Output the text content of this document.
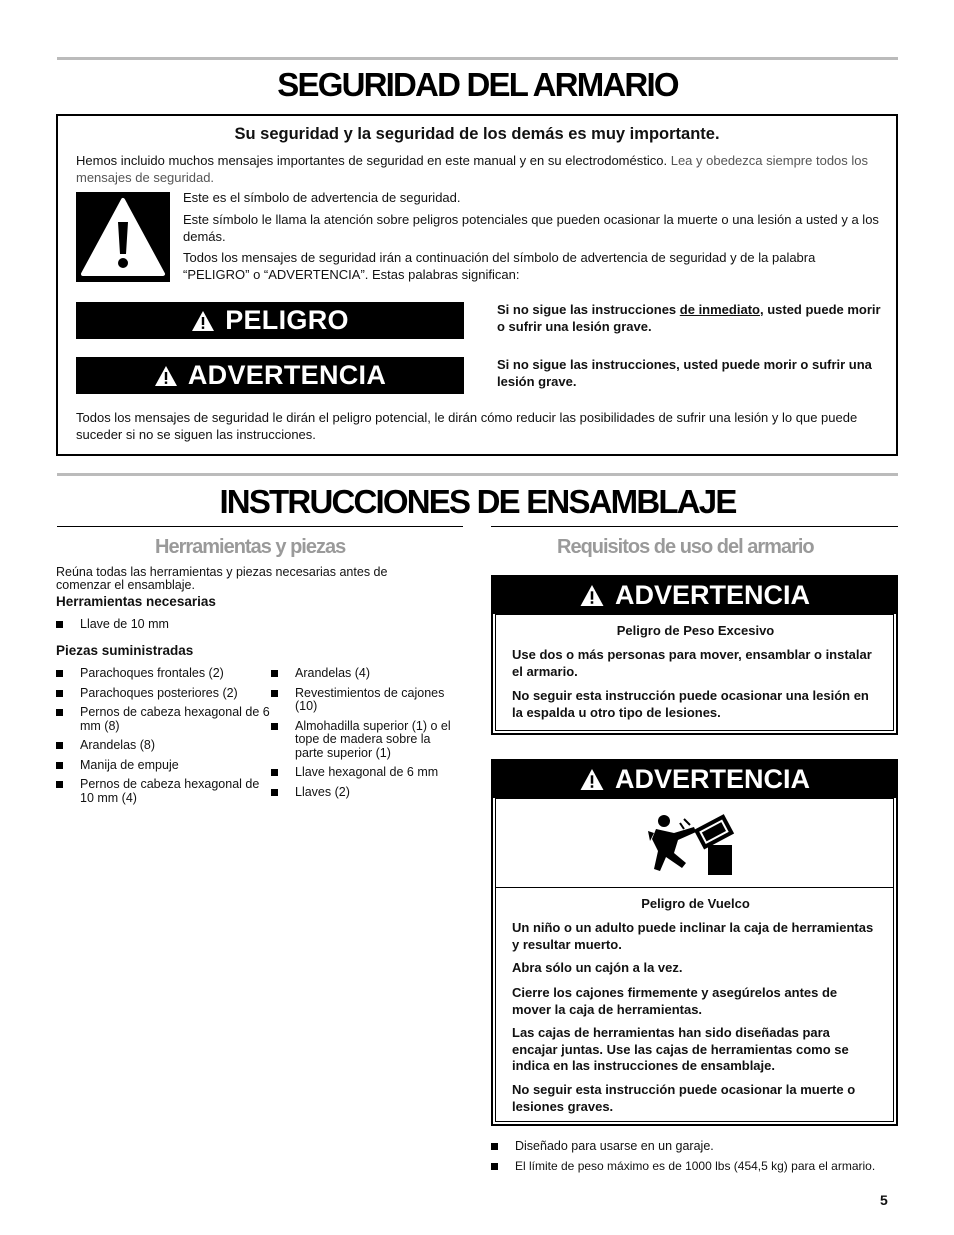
SEGURIDAD DEL ARMARIO
Su seguridad y la seguridad de los demás es muy importante.

Hemos incluido muchos mensajes importantes de seguridad en este manual y en su electrodoméstico. Lea y obedezca siempre todos los mensajes de seguridad.

Este es el símbolo de advertencia de seguridad.

Este símbolo le llama la atención sobre peligros potenciales que pueden ocasionar la muerte o una lesión a usted y a los demás.

Todos los mensajes de seguridad irán a continuación del símbolo de advertencia de seguridad y de la palabra “PELIGRO” o “ADVERTENCIA”. Estas palabras significan:

PELIGRO	Si no sigue las instrucciones de inmediato, usted puede morir o sufrir una lesión grave.

ADVERTENCIA	Si no sigue las instrucciones, usted puede morir o sufrir una lesión grave.

Todos los mensajes de seguridad le dirán el peligro potencial, le dirán cómo reducir las posibilidades de sufrir una lesión y lo que puede suceder si no se siguen las instrucciones.

INSTRUCCIONES DE ENSAMBLAJE
Herramientas y piezas

Reúna todas las herramientas y piezas necesarias antes de comenzar el ensamblaje.

Herramientas necesarias

Llave de 10 mm

Piezas suministradas

Parachoques frontales (2)
Parachoques posteriores (2)
Pernos de cabeza hexagonal de 6 mm (8)
Arandelas (8)
Manija de empuje
Pernos de cabeza hexagonal de 10 mm (4)
Arandelas (4)
Revestimientos de cajones (10)
Almohadilla superior (1) o el tope de madera sobre la parte superior (1)
Llave hexagonal de 6 mm
Llaves (2)
Requisitos de uso del armario
ADVERTENCIA

Peligro de Peso Excesivo

Use dos o más personas para mover, ensamblar o instalar el armario.

No seguir esta instrucción puede ocasionar una lesión en la espalda u otro tipo de lesiones.

ADVERTENCIA

Peligro de Vuelco

Un niño o un adulto puede inclinar la caja de herramientas y resultar muerto.

Abra sólo un cajón a la vez.

Cierre los cajones firmemente y asegúrelos antes de mover la caja de herramientas.

Las cajas de herramientas han sido diseñadas para encajar juntas. Use las cajas de herramientas como se indica en las instrucciones de ensamblaje.

No seguir esta instrucción puede ocasionar la muerte o lesiones graves.

Diseñado para usarse en un garaje.
El límite de peso máximo es de 1000 lbs (454,5 kg) para el armario.
5
